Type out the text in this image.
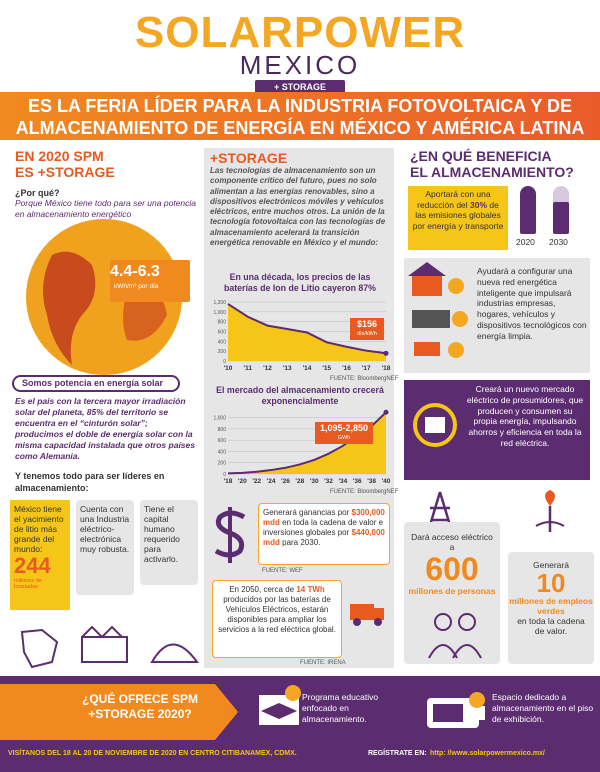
SOLARPOWER
MEXICO
+ STORAGE
ES LA FERIA LÍDER PARA LA INDUSTRIA FOTOVOLTAICA Y DE
ALMACENAMIENTO DE ENERGÍA EN MÉXICO Y AMÉRICA LATINA
EN 2020 SPM
ES +STORAGE
¿Por qué?
Porque México tiene todo para ser una potencia en almacenamiento energético
4.4-6.3
kWh/m² por día
Somos potencia en energía solar
Es el país con la tercera mayor irradiación solar del planeta, 85% del territorio se encuentra en el “cinturón solar”; producimos el doble de energía solar con la misma capacidad instalada que otros países como Alemania.
Y tenemos todo para ser líderes en almacenamiento:
México tiene el yacimiento de litio más grande del mundo:
244
millones de toneladas
Cuenta con una Industria eléctrico-electrónica muy robusta.
Tiene el capital humano requerido para activarlo.
+STORAGE
Las tecnologías de almacenamiento son un componente crítico del futuro, pues no solo alimentan a las energías renovables, sino a dispositivos electrónicos móviles y vehículos eléctricos, entre muchos otros. La unión de la tecnología fotovoltaica con las tecnologías de almacenamiento acelerará la transición energética renovable en México y el mundo:
En una década, los precios de las baterías de Ion de Litio cayeron 87%
0
200
400
600
800
1,000
1,200
'10 '11 '12 '13 '14 '15 '16 '17 '18
$156
dls/kWh
FUENTE: BloombergNEF
El mercado del almacenamiento crecerá exponencialmente
0
200
400
600
800
1,000
'18 '20 '22 '24 '26 '28 '30 '32 '34 '36 '38 '40
1,095-2,850
GWh
FUENTE: BloombergNEF
Generará ganancias por $300,000 mdd en toda la cadena de valor e inversiones globales por $440,000 mdd para 2030.
FUENTE: WEF
En 2050, cerca de 14 TWh producidos por las baterías de Vehículos Eléctricos, estarán disponibles para ampliar los servicios a la red eléctrica global.
FUENTE: IRENA
¿EN QUÉ BENEFICIA
EL ALMACENAMIENTO?
Aportará con una reducción del 30% de las emisiones globales por energía y transporte
2020 2030
Ayudará a configurar una nueva red energética inteligente que impulsará industrias empresas, hogares, vehículos y dispositivos tecnológicos con energía limpia.
Creará un nuevo mercado eléctrico de prosumidores, que producen y consumen su propia energía, impulsando ahorros y eficiencia en toda la red eléctrica.
Dará acceso eléctrico a
600
millones de personas
Generará
10
millones de empleos verdes
en toda la cadena de valor.
¿QUÉ OFRECE SPM +STORAGE 2020?
Programa educativo enfocado en almacenamiento.
Espacio dedicado a almacenamiento en el piso de exhibición.
VISÍTANOS DEL 18 AL 20 DE NOVIEMBRE DE 2020 EN CENTRO CITIBANAMEX, CDMX.	REGÍSTRATE EN: http: //www.solarpowermexico.mx/
